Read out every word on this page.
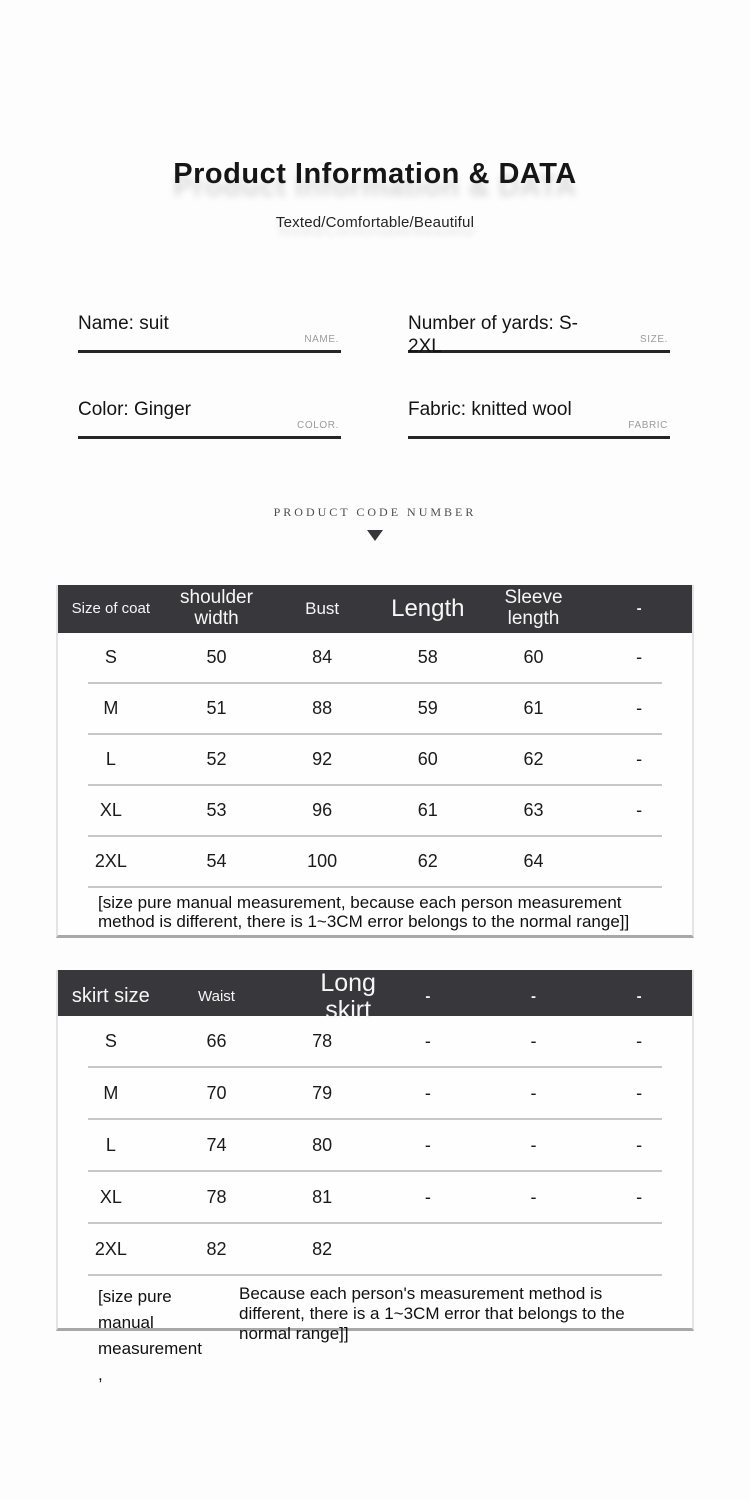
Product Information & DATA
Texted/Comfortable/Beautiful
Name: suit
NAME.
Number of yards: S-2XL	SIZE.
Color: Ginger
COLOR.
Fabric: knitted wool
FABRIC
PRODUCT CODE NUMBER
Size of coat	shoulder width	Bust	Length	Sleeve length	-
S	50	84	58	60	-
M	51	88	59	61	-
L	52	92	60	62	-
XL	53	96	61	63	-
2XL	54	100	62	64
[size pure manual measurement, because each person measurement method is different, there is 1~3CM error belongs to the normal range]]
skirt size	Waist	Long skirt	-	-	-
S	66	78	-	-	-
M	70	79	-	-	-
L	74	80	-	-	-
XL	78	81	-	-	-
2XL	82	82
[size pure manual measurement ,
Because each person's measurement method is different, there is a 1~3CM error that belongs to the normal range]]
